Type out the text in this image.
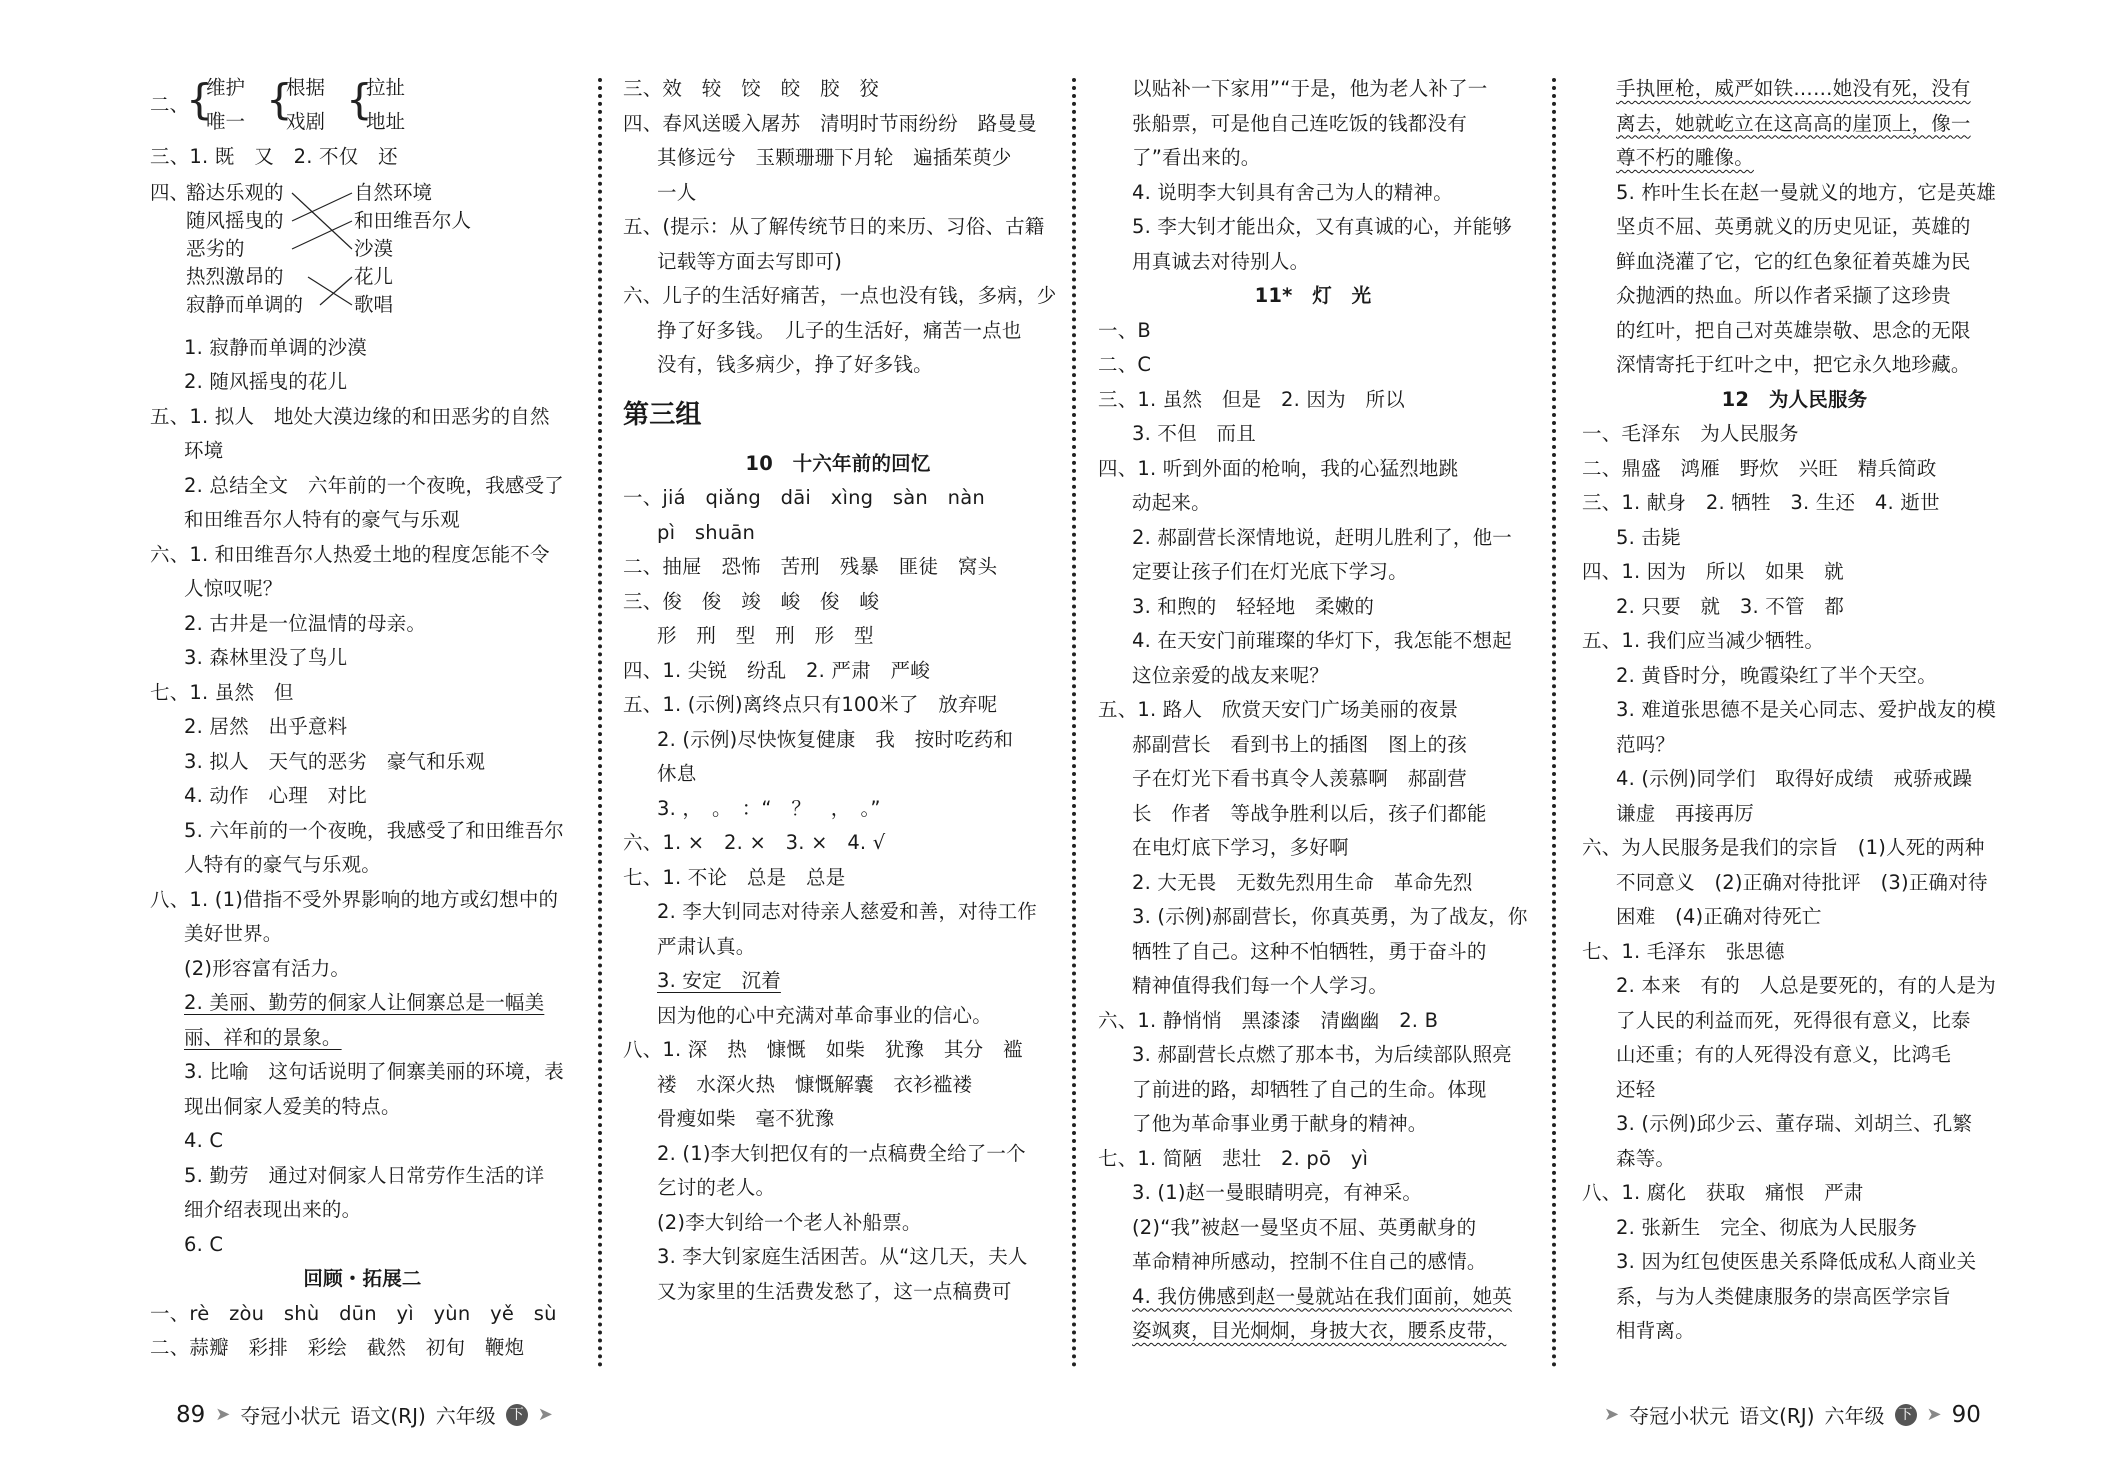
二、
{
维护
唯一 {
根据
戏剧 {
拉扯
地址
三、1. 既　又　2. 不仅　还
四、
豁达乐观的
随风摇曳的
恶劣的
热烈激昂的
寂静而单调的
自然环境
和田维吾尔人
沙漠
花儿
歌唱
1. 寂静而单调的沙漠
2. 随风摇曳的花儿
五、1. 拟人　地处大漠边缘的和田恶劣的自然
环境
2. 总结全文　六年前的一个夜晚，我感受了
和田维吾尔人特有的豪气与乐观
六、1. 和田维吾尔人热爱土地的程度怎能不令
人惊叹呢？
2. 古井是一位温情的母亲。
3. 森林里没了鸟儿
七、1. 虽然　但
2. 居然　出乎意料
3. 拟人　天气的恶劣　豪气和乐观
4. 动作　心理　对比
5. 六年前的一个夜晚，我感受了和田维吾尔
人特有的豪气与乐观。
八、1. (1)借指不受外界影响的地方或幻想中的
美好世界。
(2)形容富有活力。
2. 美丽、勤劳的侗家人让侗寨总是一幅美
丽、祥和的景象。
3. 比喻　这句话说明了侗寨美丽的环境，表
现出侗家人爱美的特点。
4. C
5. 勤劳　通过对侗家人日常劳作生活的详
细介绍表现出来的。
6. C
回顾・拓展二
一、rè　zòu　shù　dūn　yì　yùn　yě　sù
二、蒜瓣　彩排　彩绘　截然　初旬　鞭炮
三、效　较　饺　皎　胶　狡
四、春风送暖入屠苏　清明时节雨纷纷　路曼曼
其修远兮　玉颗珊珊下月轮　遍插茱萸少
一人
五、(提示：从了解传统节日的来历、习俗、古籍
记载等方面去写即可)
六、儿子的生活好痛苦，一点也没有钱，多病，少
挣了好多钱。　儿子的生活好，痛苦一点也
没有，钱多病少，挣了好多钱。
第三组
10　十六年前的回忆
一、jiá　qiǎng　dāi　xìng　sàn　nàn
pì　shuān
二、抽屉　恐怖　苦刑　残暴　匪徒　窝头
三、俊　俊　竣　峻　俊　峻
形　刑　型　刑　形　型
四、1. 尖锐　纷乱　2. 严肃　严峻
五、1. (示例)离终点只有100米了　放弃呢
2. (示例)尽快恢复健康　我　按时吃药和
休息
3. ，　。　：“　？　，　。”
六、1. ×　2. ×　3. ×　4. √
七、1. 不论　总是　总是
2. 李大钊同志对待亲人慈爱和善，对待工作
严肃认真。
3. 安定　沉着
因为他的心中充满对革命事业的信心。
八、1. 深　热　慷慨　如柴　犹豫　其分　褴
褛　水深火热　慷慨解囊　衣衫褴褛
骨瘦如柴　毫不犹豫
2. (1)李大钊把仅有的一点稿费全给了一个
乞讨的老人。
(2)李大钊给一个老人补船票。
3. 李大钊家庭生活困苦。从“这几天，夫人
又为家里的生活费发愁了，这一点稿费可
以贴补一下家用”“于是，他为老人补了一
张船票，可是他自己连吃饭的钱都没有
了”看出来的。
4. 说明李大钊具有舍己为人的精神。
5. 李大钊才能出众，又有真诚的心，并能够
用真诚去对待别人。
11*　灯　光
一、B
二、C
三、1. 虽然　但是　2. 因为　所以
3. 不但　而且
四、1. 听到外面的枪响，我的心猛烈地跳
动起来。
2. 郝副营长深情地说，赶明儿胜利了，他一
定要让孩子们在灯光底下学习。
3. 和煦的　轻轻地　柔嫩的
4. 在天安门前璀璨的华灯下，我怎能不想起
这位亲爱的战友来呢？
五、1. 路人　欣赏天安门广场美丽的夜景
郝副营长　看到书上的插图　图上的孩
子在灯光下看书真令人羡慕啊　郝副营
长　作者　等战争胜利以后，孩子们都能
在电灯底下学习，多好啊
2. 大无畏　无数先烈用生命　革命先烈
3. (示例)郝副营长，你真英勇，为了战友，你
牺牲了自己。这种不怕牺牲，勇于奋斗的
精神值得我们每一个人学习。
六、1. 静悄悄　黑漆漆　清幽幽　2. B
3. 郝副营长点燃了那本书，为后续部队照亮
了前进的路，却牺牲了自己的生命。体现
了他为革命事业勇于献身的精神。
七、1. 简陋　悲壮　2. pō　yì
3. (1)赵一曼眼睛明亮，有神采。
(2)“我”被赵一曼坚贞不屈、英勇献身的
革命精神所感动，控制不住自己的感情。
4. 我仿佛感到赵一曼就站在我们面前，她英
姿飒爽，目光炯炯，身披大衣，腰系皮带，
手执匣枪，威严如铁……她没有死，没有
离去，她就屹立在这高高的崖顶上，像一
尊不朽的雕像。
5. 柞叶生长在赵一曼就义的地方，它是英雄
坚贞不屈、英勇就义的历史见证，英雄的
鲜血浇灌了它，它的红色象征着英雄为民
众抛洒的热血。所以作者采撷了这珍贵
的红叶，把自己对英雄崇敬、思念的无限
深情寄托于红叶之中，把它永久地珍藏。
12　为人民服务
一、毛泽东　为人民服务
二、鼎盛　鸿雁　野炊　兴旺　精兵简政
三、1. 献身　2. 牺牲　3. 生还　4. 逝世
5. 击毙
四、1. 因为　所以　如果　就
2. 只要　就　3. 不管　都
五、1. 我们应当减少牺牲。
2. 黄昏时分，晚霞染红了半个天空。
3. 难道张思德不是关心同志、爱护战友的模
范吗？
4. (示例)同学们　取得好成绩　戒骄戒躁
谦虚　再接再厉
六、为人民服务是我们的宗旨　(1)人死的两种
不同意义　(2)正确对待批评　(3)正确对待
困难　(4)正确对待死亡
七、1. 毛泽东　张思德
2. 本来　有的　人总是要死的，有的人是为
了人民的利益而死，死得很有意义，比泰
山还重；有的人死得没有意义，比鸿毛
还轻
3. (示例)邱少云、董存瑞、刘胡兰、孔繁
森等。
八、1. 腐化　获取　痛恨　严肃
2. 张新生　完全、彻底为人民服务
3. 因为红包使医患关系降低成私人商业关
系，与为人类健康服务的崇高医学宗旨
相背离。
89 ➤ 夺冠小状元 语文(RJ) 六年级 下 ➤	➤ 夺冠小状元 语文(RJ) 六年级 下 ➤ 90
